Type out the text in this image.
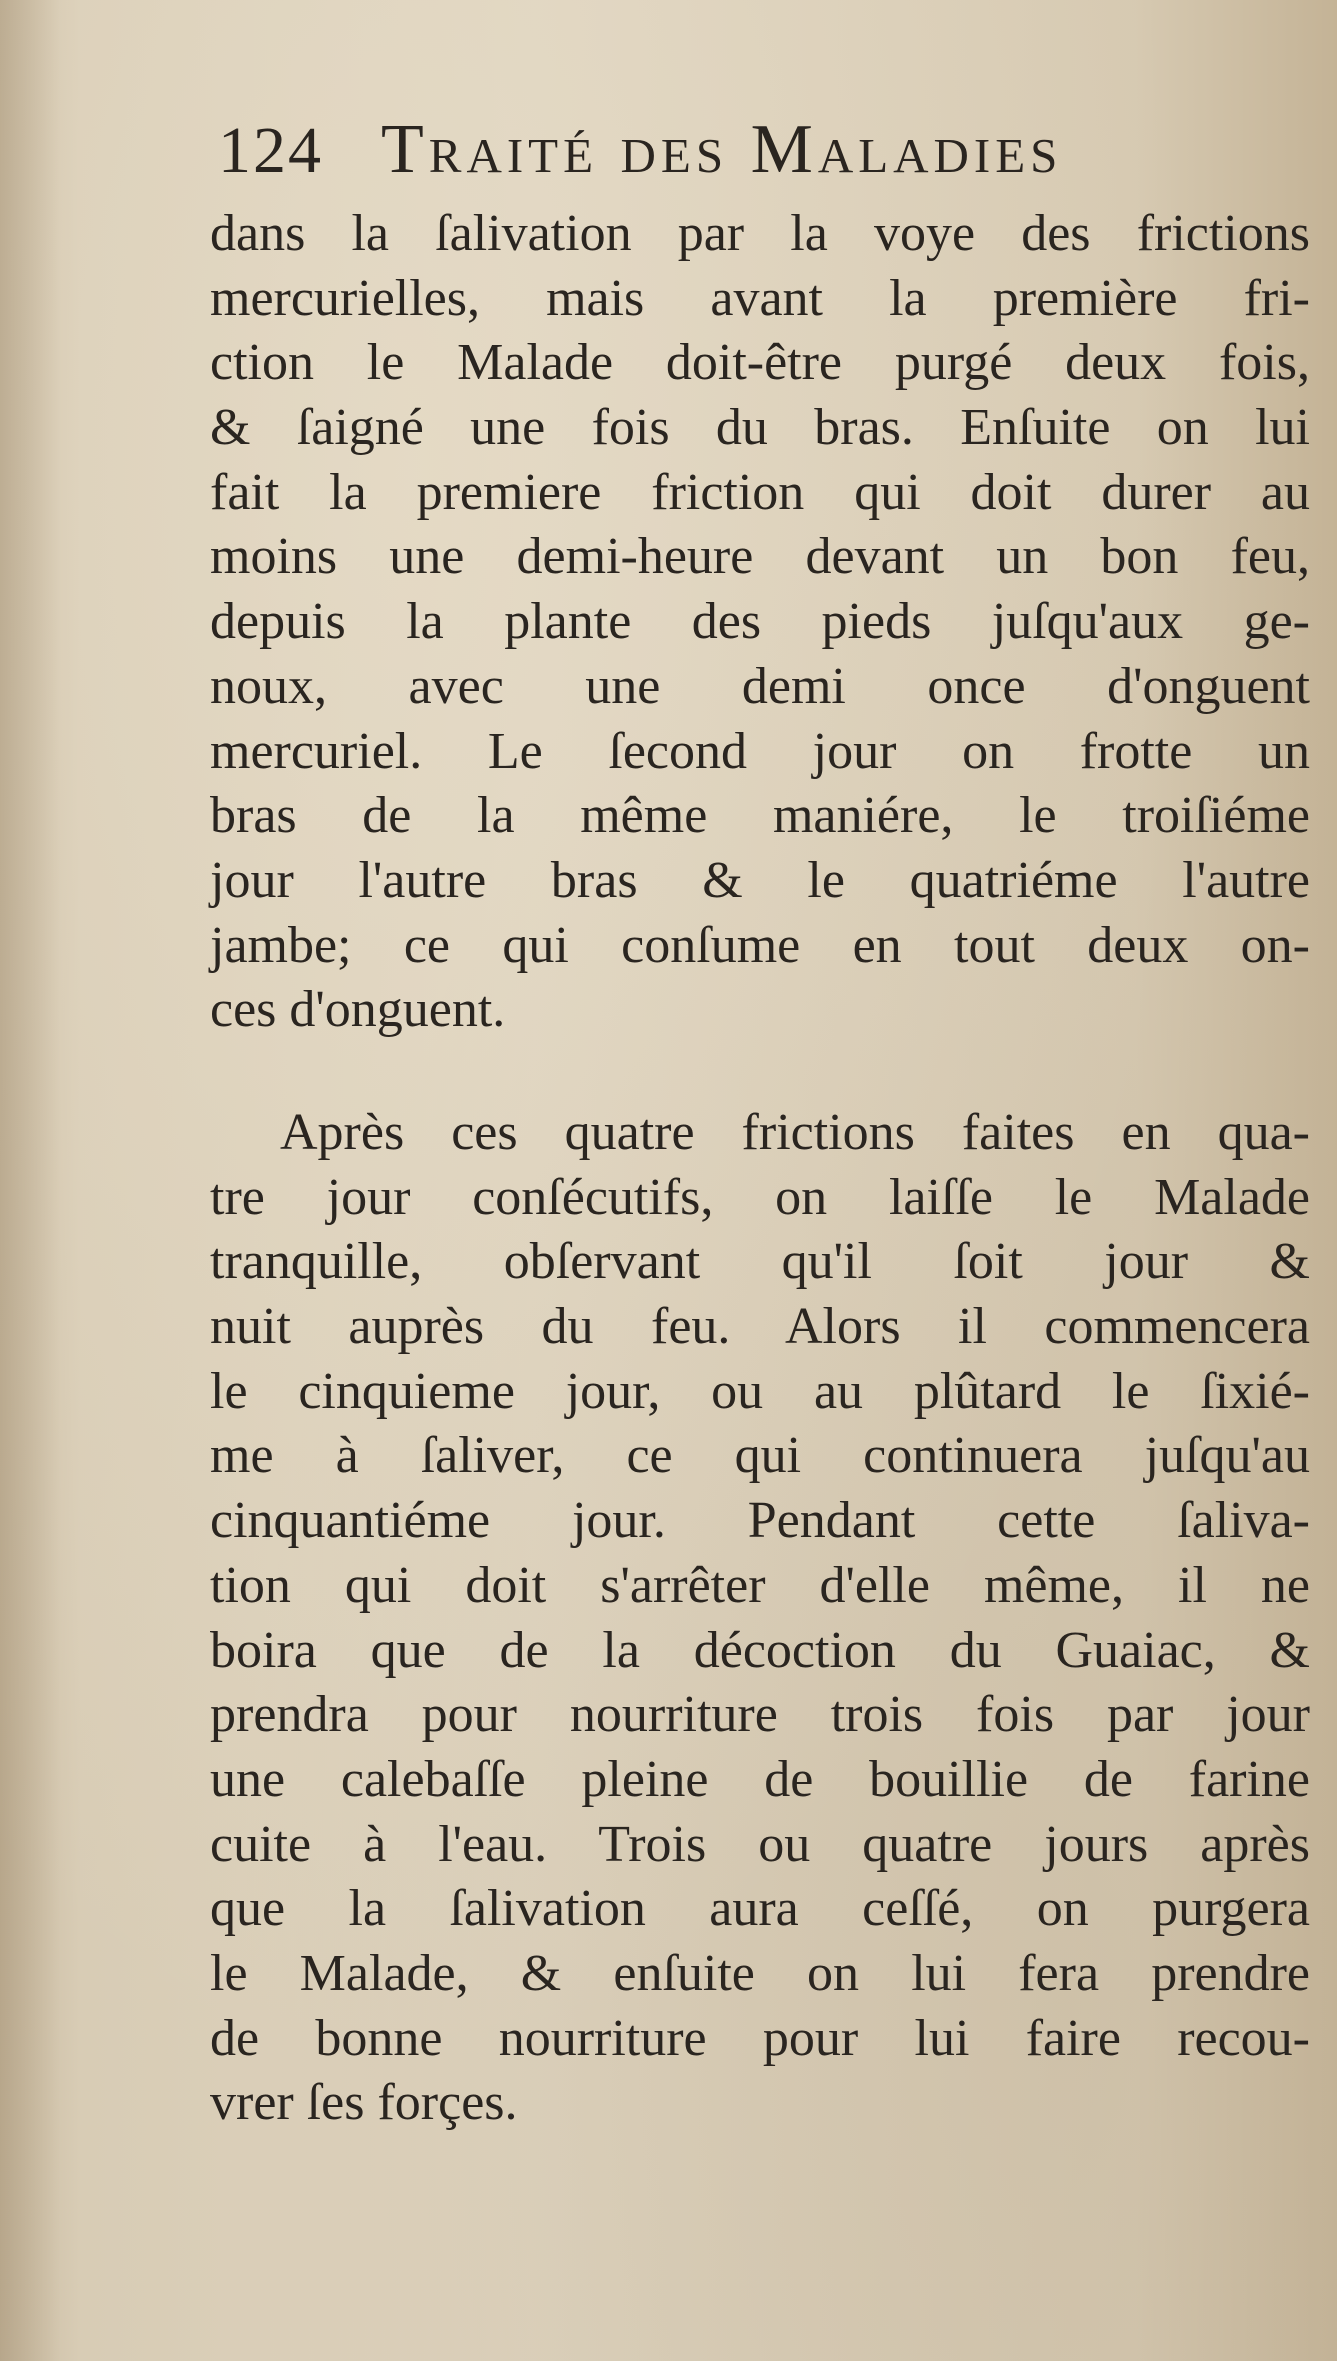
124 Traité des Maladies
dans la ſalivation par la voye des frictions
mercurielles, mais avant la première fri-
ction le Malade doit-être purgé deux fois,
& ſaigné une fois du bras. Enſuite on lui
fait la premiere friction qui doit durer au
moins une demi-heure devant un bon feu,
depuis la plante des pieds juſqu'aux ge-
noux, avec une demi once d'onguent
mercuriel. Le ſecond jour on frotte un
bras de la même maniére, le troiſiéme
jour l'autre bras & le quatriéme l'autre
jambe; ce qui conſume en tout deux on-
ces d'onguent.
Après ces quatre frictions faites en qua-
tre jour conſécutifs, on laiſſe le Malade
tranquille, obſervant qu'il ſoit jour &
nuit auprès du feu. Alors il commencera
le cinquieme jour, ou au plûtard le ſixié-
me à ſaliver, ce qui continuera juſqu'au
cinquantiéme jour. Pendant cette ſaliva-
tion qui doit s'arrêter d'elle même, il ne
boira que de la décoction du Guaiac, &
prendra pour nourriture trois fois par jour
une calebaſſe pleine de bouillie de farine
cuite à l'eau. Trois ou quatre jours après
que la ſalivation aura ceſſé, on purgera
le Malade, & enſuite on lui fera prendre
de bonne nourriture pour lui faire recou-
vrer ſes forçes.
